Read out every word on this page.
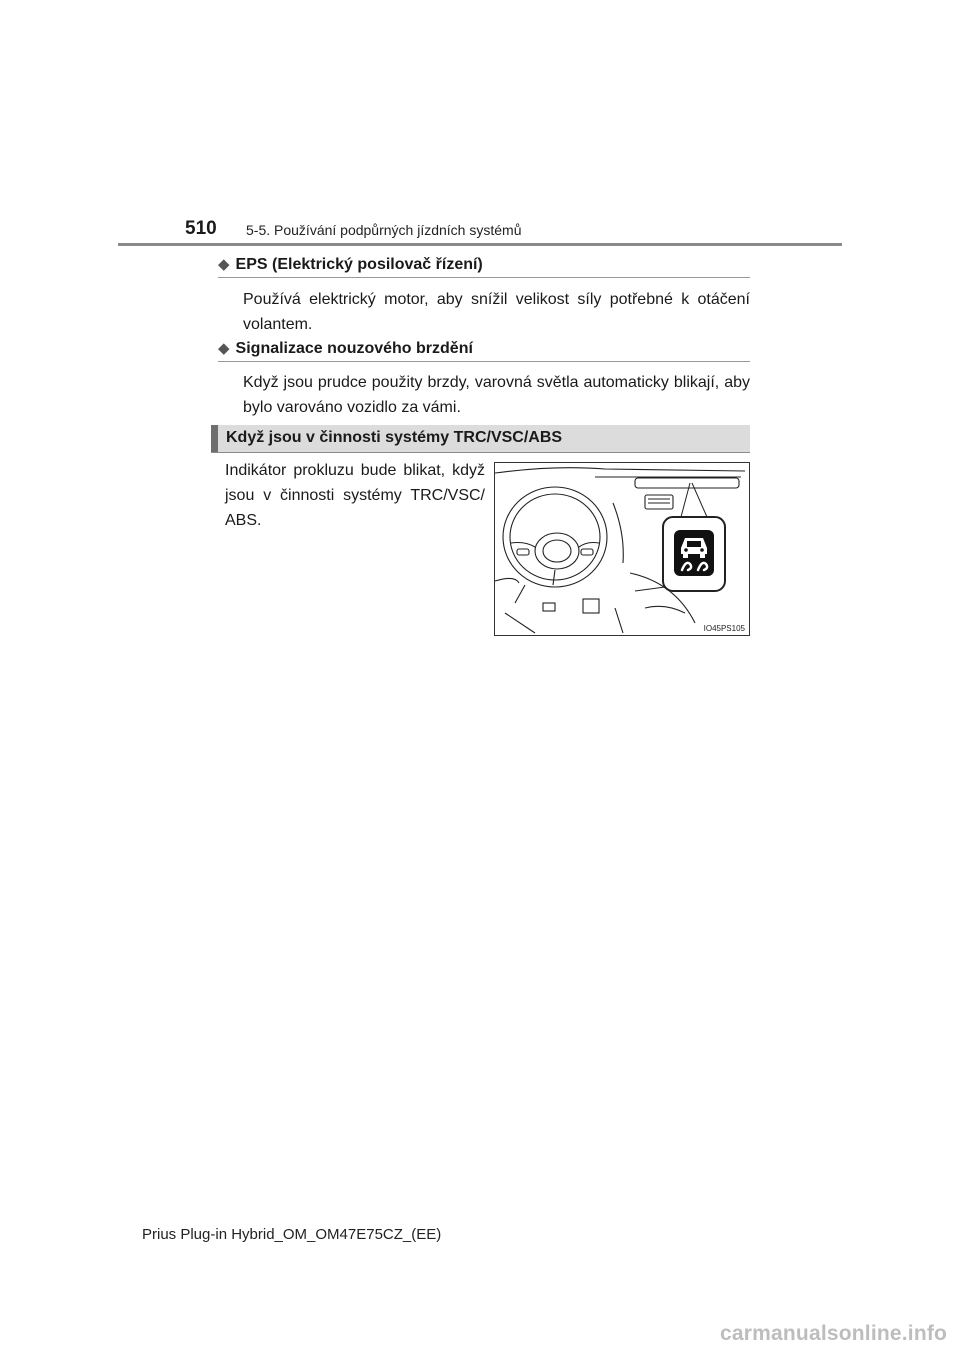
510 5-5. Používání podpůrných jízdních systémů
◆ EPS (Elektrický posilovač řízení)
Používá elektrický motor, aby snížil velikost síly potřebné k otáčení volantem.
◆ Signalizace nouzového brzdění
Když jsou prudce použity brzdy, varovná světla automaticky blikají, aby bylo varováno vozidlo za vámi.
Když jsou v činnosti systémy TRC/VSC/ABS
Indikátor prokluzu bude blikat, když jsou v činnosti systémy TRC/VSC/ ABS.
IO45PS105
Prius Plug-in Hybrid_OM_OM47E75CZ_(EE)
carmanualsonline.info
